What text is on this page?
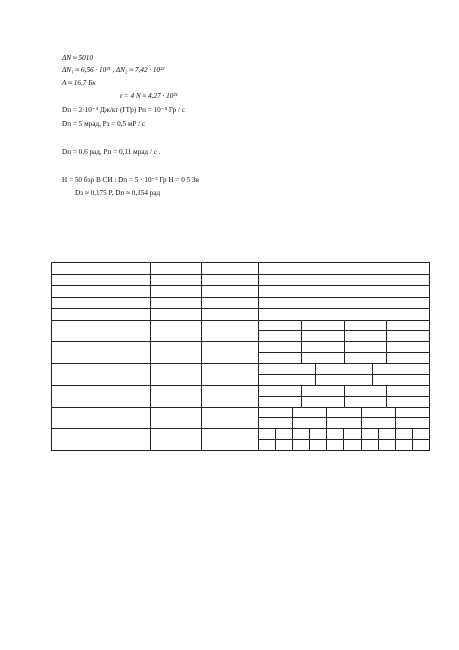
ΔN ≈ 5010
ΔN₁ ≈ 6,56 · 10²¹ , ΔN₂ ≈ 7,42 · 10²²
A ≈ 16,7 Бк
t = 4 N ≈ 4,27 · 10²¹
Dп = 2·10⁻⁴ Дж/кг (ГГр) Pп = 10⁻⁵ Гр / с
Dп = 5 мрад, Pз = 0,5 мР / с
Dп = 0,6 рад, Pп = 0,11 мрад / с .
H = 50 бэр В СИ : Dп = 5 · 10⁻² Гр H = 0 5 Зв
Dз ≈ 0,175 Р, Dп ≈ 0,154 рад
